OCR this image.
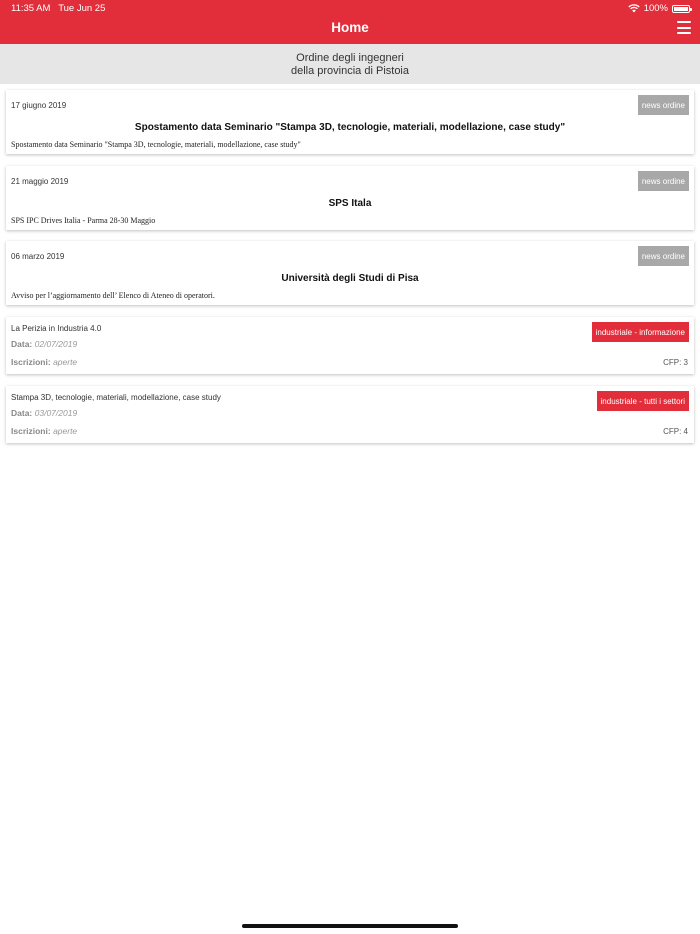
11:35 AM Tue Jun 25	100%
Home
Ordine degli ingegneri
della provincia di Pistoia
17 giugno 2019	news ordine
Spostamento data Seminario "Stampa 3D, tecnologie, materiali, modellazione, case study"
Spostamento data Seminario "Stampa 3D, tecnologie, materiali, modellazione, case study"
21 maggio 2019	news ordine
SPS Itala
SPS IPC Drives Italia - Parma 28-30 Maggio
06 marzo 2019	news ordine
Università degli Studi di Pisa
Avviso per l’aggiornamento dell’ Elenco di Ateneo di operatori.
La Perizia in Industria 4.0	industriale - informazione
Data: 02/07/2019
Iscrizioni: aperte	CFP: 3
Stampa 3D, tecnologie, materiali, modellazione, case study	industriale - tutti i settori
Data: 03/07/2019
Iscrizioni: aperte	CFP: 4
